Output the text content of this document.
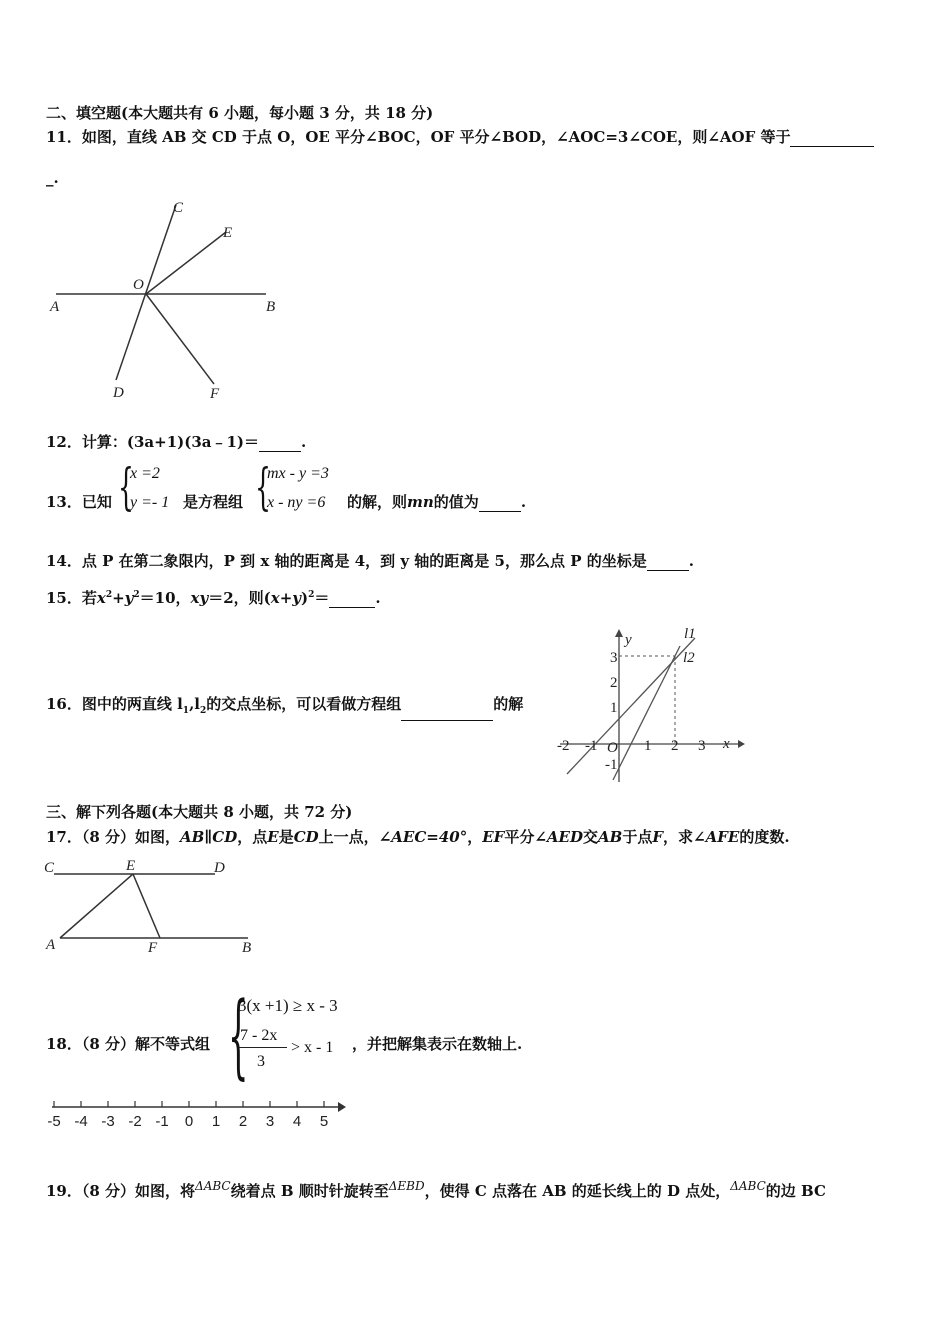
二、填空题(本大题共有 6 小题，每小题 3 分，共 18 分)
11．如图，直线 AB 交 CD 于点 O，OE 平分∠BOC，OF 平分∠BOD，∠AOC=3∠COE，则∠AOF 等于
_.
A	B
C
D
E
F
O
12．计算：(3a+1)(3a﹣1)＝	.
13．已知 {
x =2
y =- 1 是方程组 {
mx - y =3
x - ny =6 的解，则mn的值为	.
14．点 P 在第二象限内，P 到 x 轴的距离是 4，到 y 轴的距离是 5，那么点 P 的坐标是	.
15．若$x^2+y^2=10$，xy＝2，则$(x+y)^2=$	.
16．图中的两直线 $l_1,l_2$的交点坐标，可以看做方程组	的解
y
x
l1
l2
3
2
1
-1
-2 -1 O 1 2 3
三、解下列各题(本大题共 8 小题，共 72 分)
17．（8 分）如图，AB∥CD，点E是CD上一点，∠AEC=40°，EF平分∠AED交AB于点F，求∠AFE的度数.
C	E	D
A	F	B
18．（8 分）解不等式组 {
3(x +1) ≥ x - 3
7 - 2x
3
> x - 1 ，并把解集表示在数轴上.
-5 -4 -3 -2 -1 0 1 2 3 4 5
19．（8 分）如图，将$^{\Delta ABC}$绕着点 B 顺时针旋转至$^{\Delta EBD}$，使得 C 点落在 AB 的延长线上的 D 点处，$^{\Delta ABC}$的边 BC
